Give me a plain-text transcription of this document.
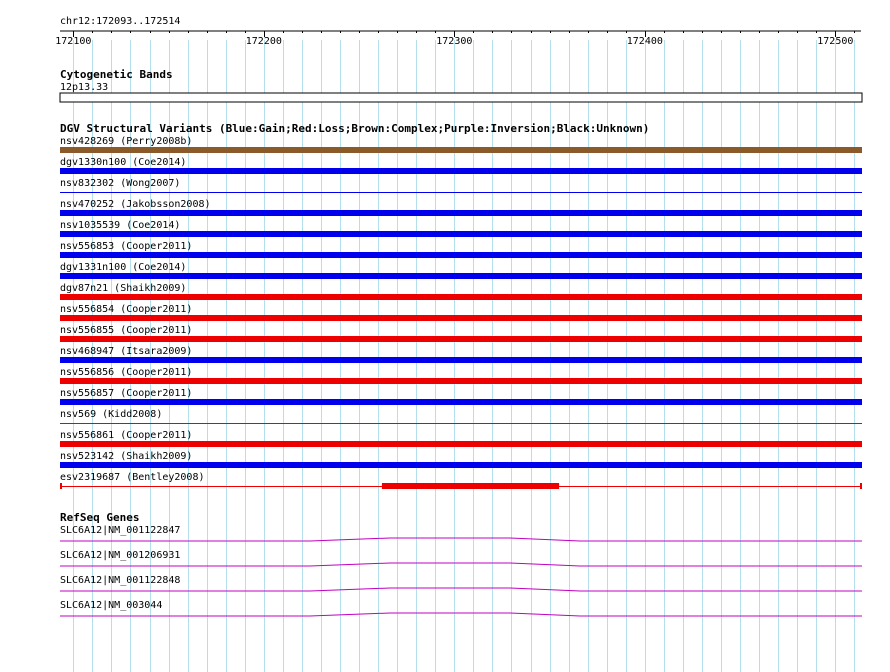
chr12:172093..172514
172100	172200	172300	172400	172500
Cytogenetic Bands
12p13.33
DGV Structural Variants (Blue:Gain;Red:Loss;Brown:Complex;Purple:Inversion;Black:Unknown)
nsv428269 (Perry2008b)
dgv1330n100 (Coe2014)
nsv832302 (Wong2007)
nsv470252 (Jakobsson2008)
nsv1035539 (Coe2014)
nsv556853 (Cooper2011)
dgv1331n100 (Coe2014)
dgv87n21 (Shaikh2009)
nsv556854 (Cooper2011)
nsv556855 (Cooper2011)
nsv468947 (Itsara2009)
nsv556856 (Cooper2011)
nsv556857 (Cooper2011)
nsv569 (Kidd2008)
nsv556861 (Cooper2011)
nsv523142 (Shaikh2009)
esv2319687 (Bentley2008)
RefSeq Genes
SLC6A12|NM_001122847
SLC6A12|NM_001206931
SLC6A12|NM_001122848
SLC6A12|NM_003044
